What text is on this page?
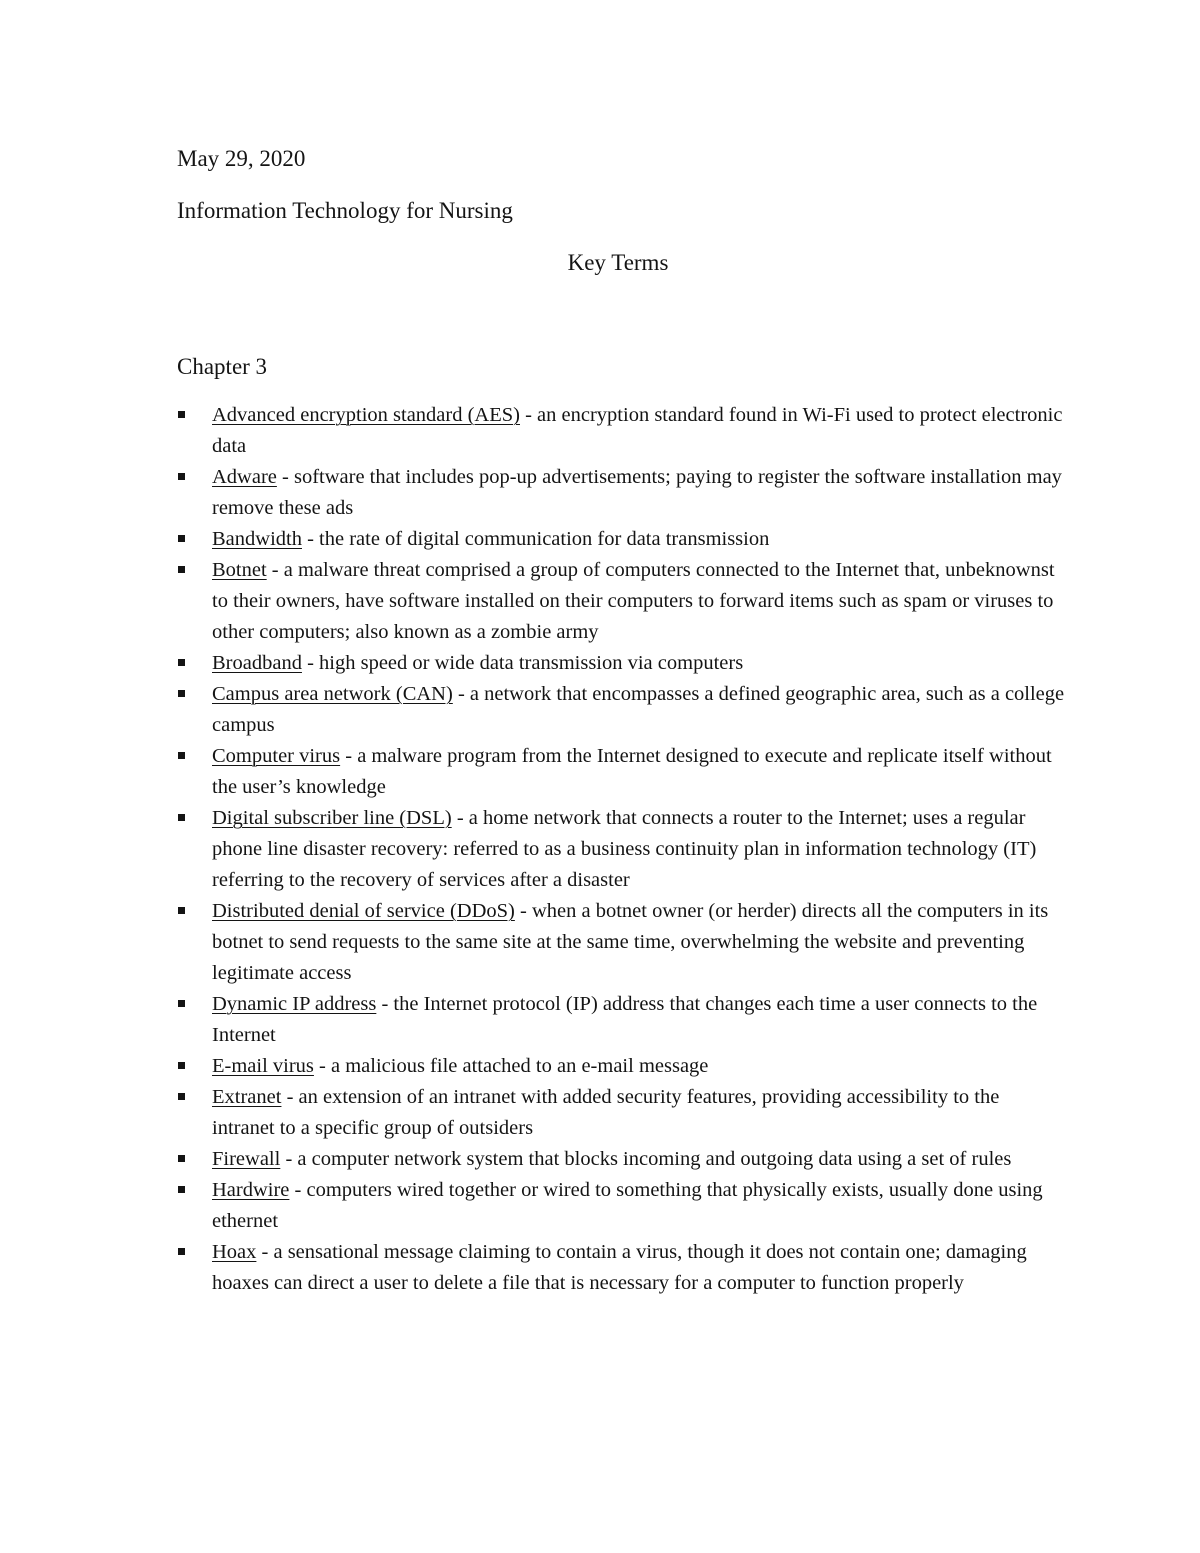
May 29, 2020

Information Technology for Nursing

Key Terms

Chapter 3

Advanced encryption standard (AES) - an encryption standard found in Wi-Fi used to protect electronic data
Adware - software that includes pop-up advertisements; paying to register the software installation may remove these ads
Bandwidth - the rate of digital communication for data transmission
Botnet - a malware threat comprised a group of computers connected to the Internet that, unbeknownst to their owners, have software installed on their computers to forward items such as spam or viruses to other computers; also known as a zombie army
Broadband - high speed or wide data transmission via computers
Campus area network (CAN) - a network that encompasses a defined geographic area, such as a college campus
Computer virus - a malware program from the Internet designed to execute and replicate itself without the user’s knowledge
Digital subscriber line (DSL) - a home network that connects a router to the Internet; uses a regular phone line disaster recovery: referred to as a business continuity plan in information technology (IT) referring to the recovery of services after a disaster
Distributed denial of service (DDoS) - when a botnet owner (or herder) directs all the computers in its botnet to send requests to the same site at the same time, overwhelming the website and preventing legitimate access
Dynamic IP address - the Internet protocol (IP) address that changes each time a user connects to the Internet
E-mail virus - a malicious file attached to an e-mail message
Extranet - an extension of an intranet with added security features, providing accessibility to the intranet to a specific group of outsiders
Firewall - a computer network system that blocks incoming and outgoing data using a set of rules
Hardwire - computers wired together or wired to something that physically exists, usually done using ethernet
Hoax - a sensational message claiming to contain a virus, though it does not contain one; damaging hoaxes can direct a user to delete a file that is necessary for a computer to function properly
